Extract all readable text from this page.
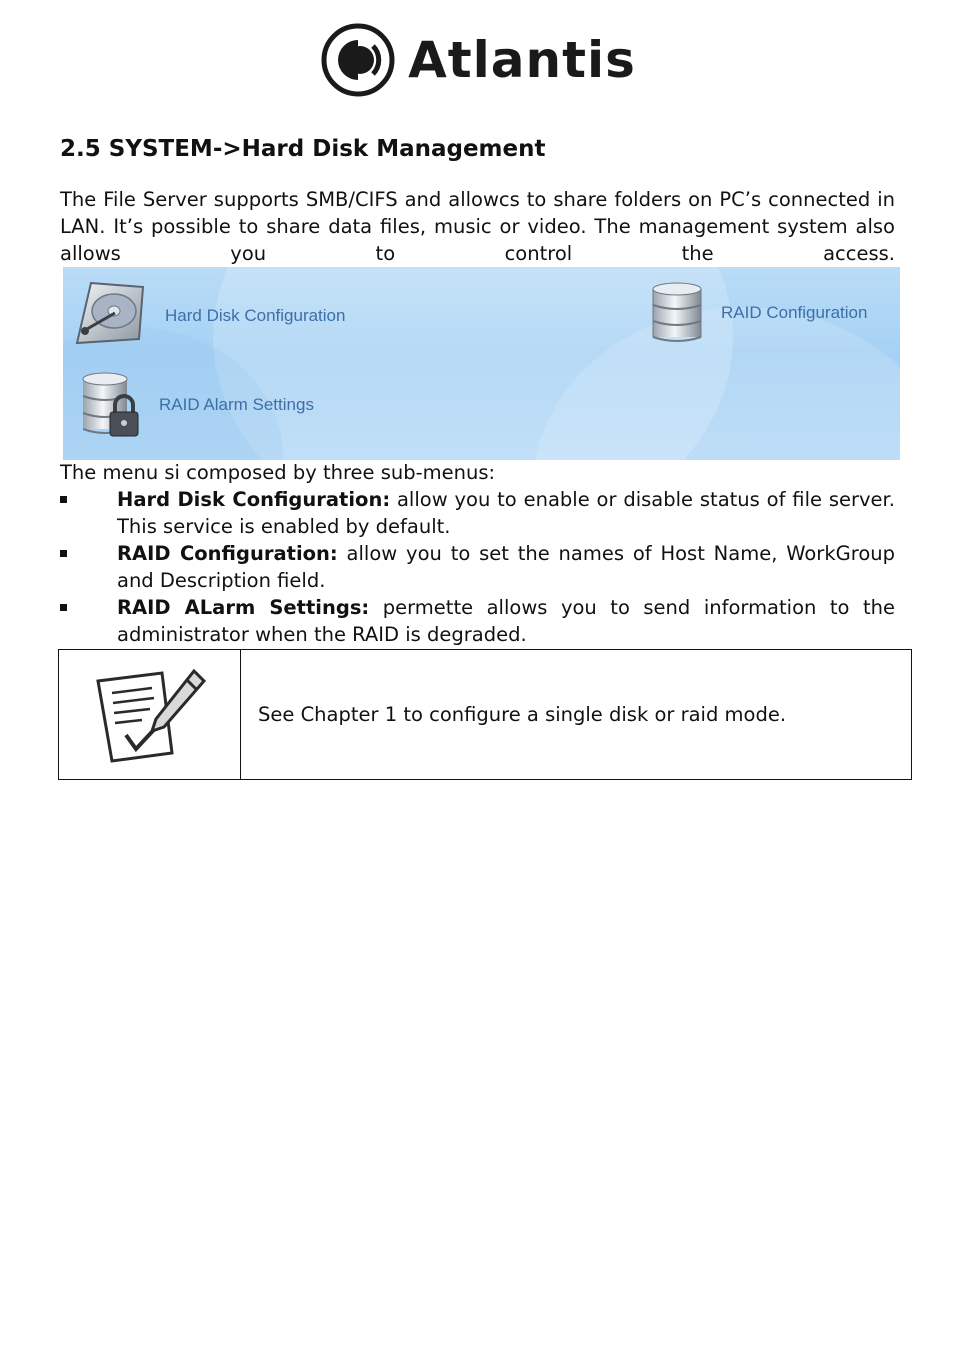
Atlantis
2.5 SYSTEM->Hard Disk Management

The File Server supports SMB/CIFS and allowcs to share folders on PC’s connected in LAN. It’s possible to share data files, music or video. The management system also allows you to control the access.

Hard Disk Configuration	RAID Configuration
RAID Alarm Settings

The menu si composed by three sub-menus:

Hard Disk Configuration: allow you to enable or disable status of file server. This service is enabled by default.
RAID Configuration: allow you to set the names of Host Name, WorkGroup and Description field.
RAID ALarm Settings: permette allows you to send information to the administrator when the RAID is degraded.
See Chapter 1 to configure a single disk or raid mode.
